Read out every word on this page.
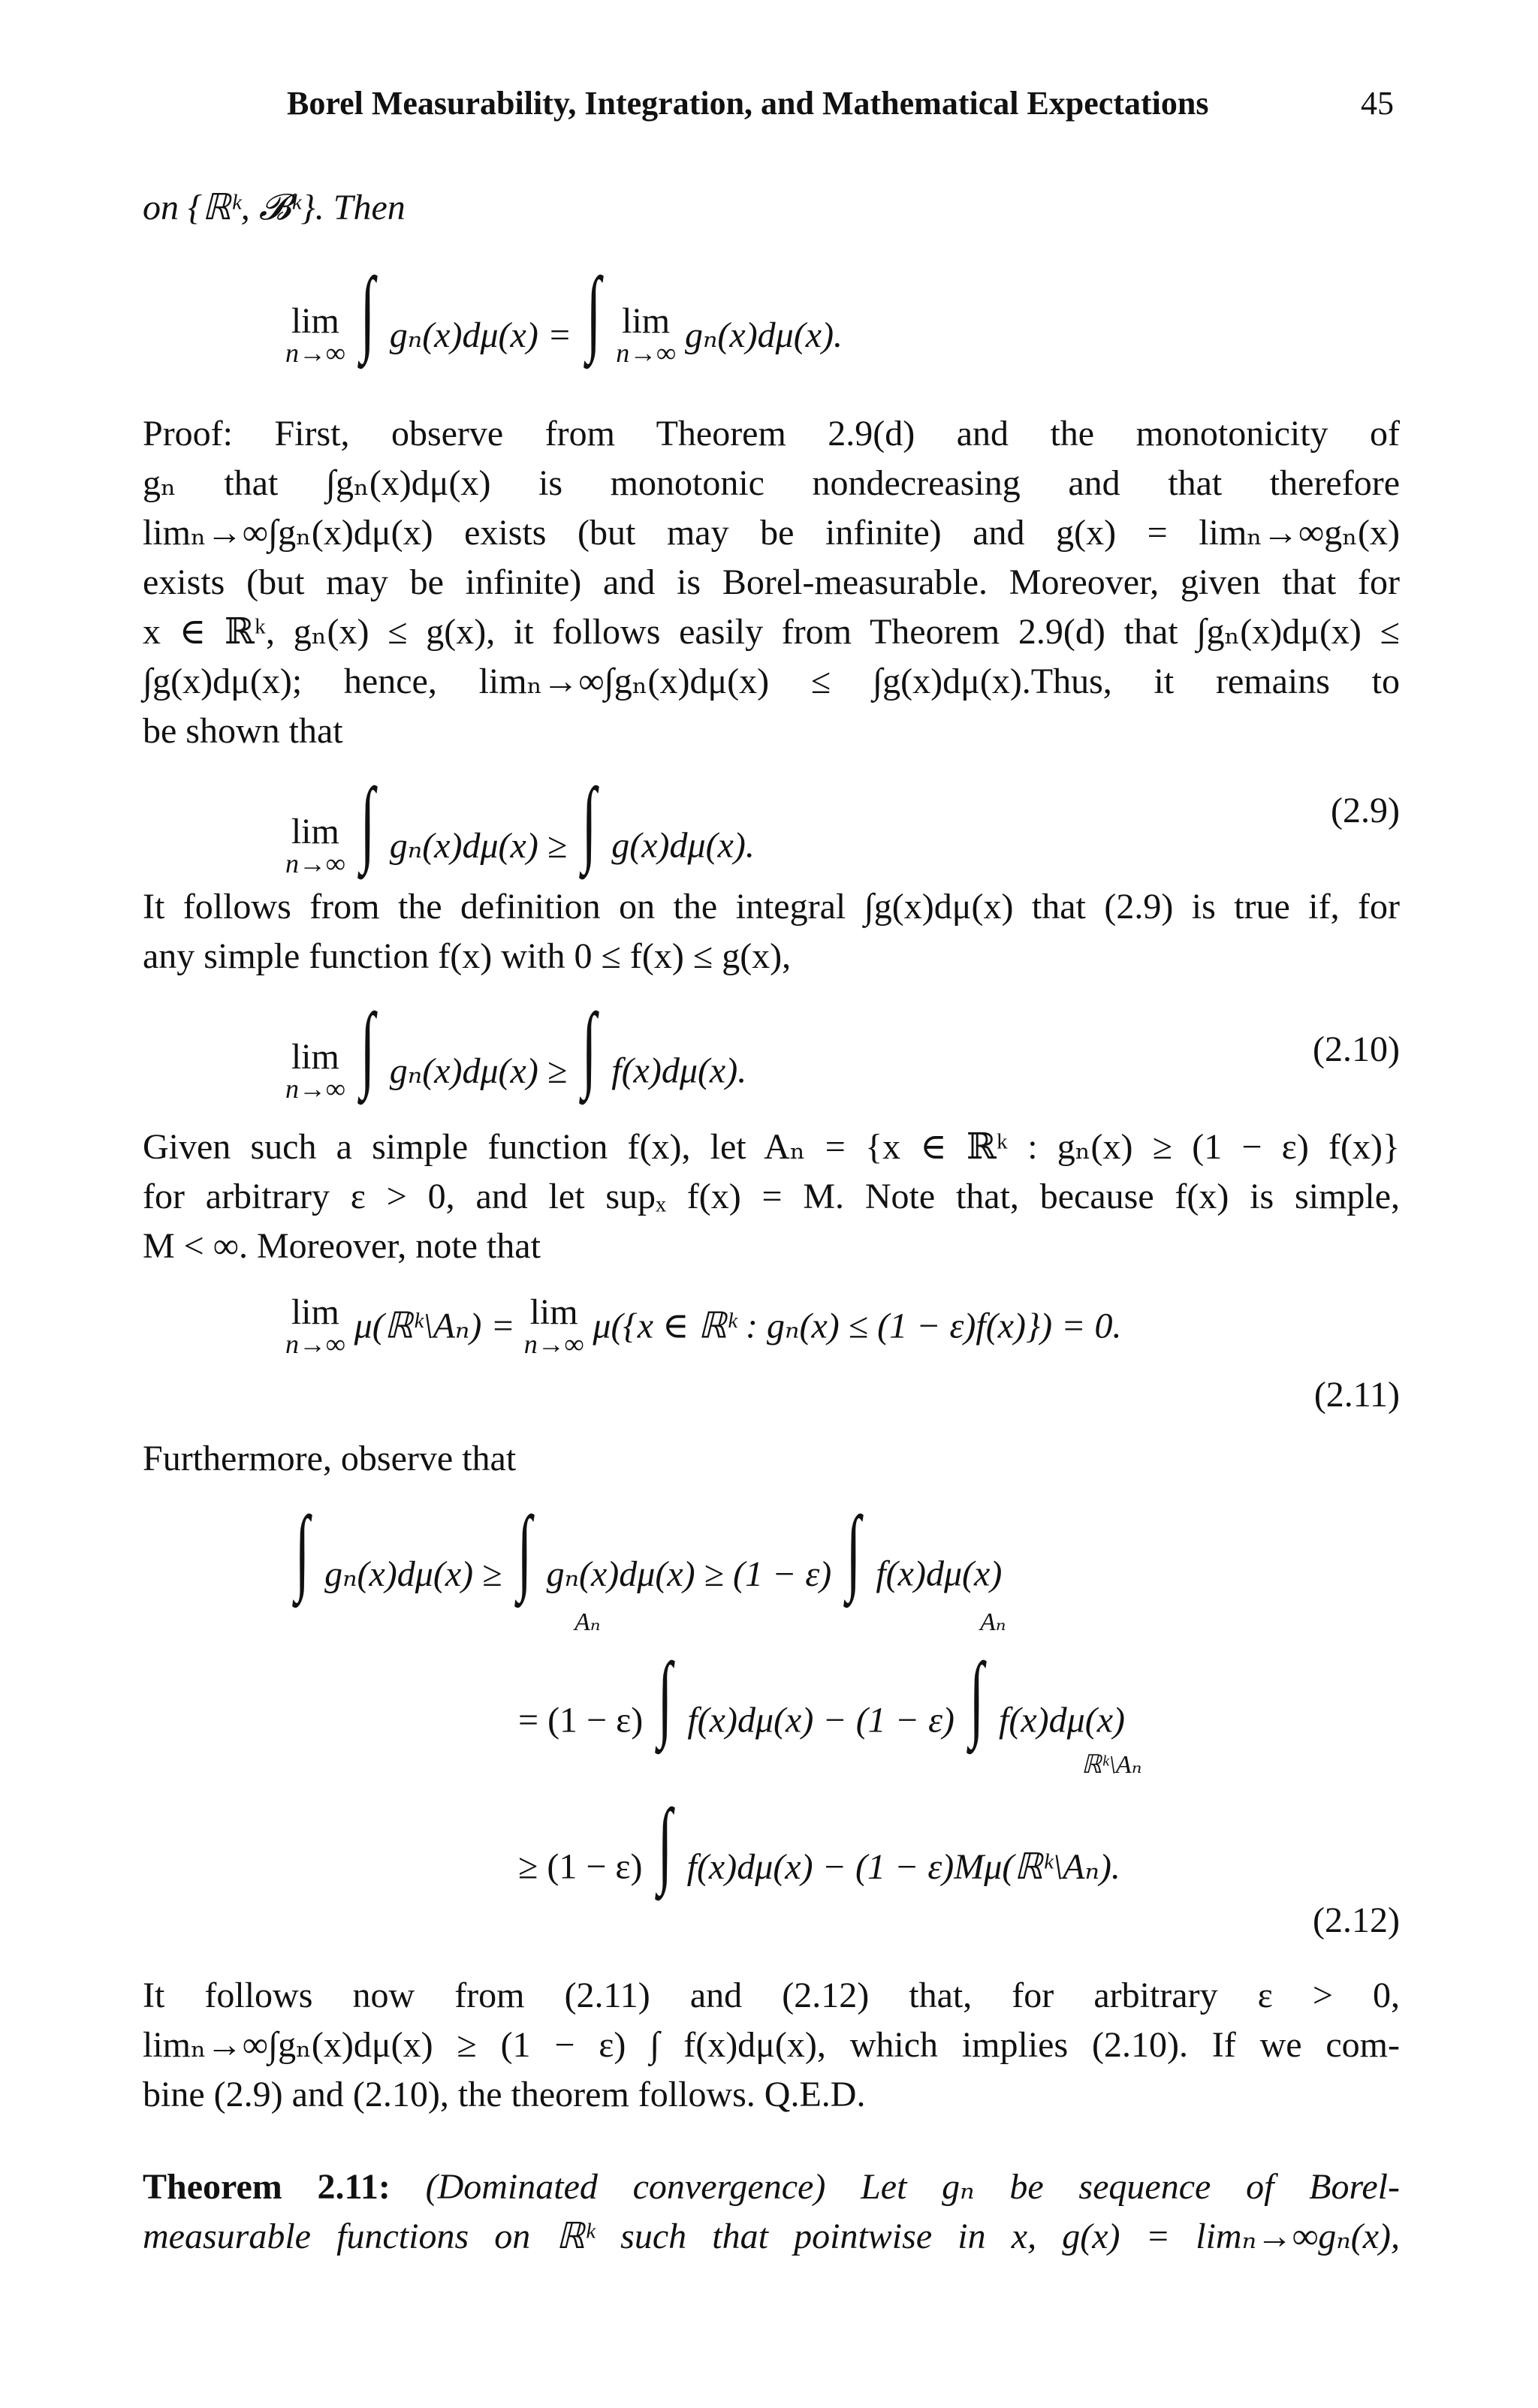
Borel Measurability, Integration, and Mathematical Expectations	45
on {ℝᵏ, 𝓑ᵏ}. Then
lim
n→∞ ∫ gₙ(x)dμ(x) = ∫ lim
n→∞ gₙ(x)dμ(x).
Proof: First, observe from Theorem 2.9(d) and the monotonicity of
gₙ that ∫gₙ(x)dμ(x) is monotonic nondecreasing and that therefore
limₙ→∞∫gₙ(x)dμ(x) exists (but may be infinite) and g(x) = limₙ→∞gₙ(x)
exists (but may be infinite) and is Borel-measurable. Moreover, given that for
x ∈ ℝᵏ, gₙ(x) ≤ g(x), it follows easily from Theorem 2.9(d) that ∫gₙ(x)dμ(x) ≤
∫g(x)dμ(x); hence, limₙ→∞∫gₙ(x)dμ(x) ≤ ∫g(x)dμ(x).Thus, it remains to
be shown that
lim
n→∞ ∫ gₙ(x)dμ(x) ≥ ∫ g(x)dμ(x).
(2.9)
It follows from the definition on the integral ∫g(x)dμ(x) that (2.9) is true if, for
any simple function f(x) with 0 ≤ f(x) ≤ g(x),
lim
n→∞ ∫ gₙ(x)dμ(x) ≥ ∫ f(x)dμ(x).
(2.10)
Given such a simple function f(x), let Aₙ = {x ∈ ℝᵏ : gₙ(x) ≥ (1 − ε) f(x)}
for arbitrary ε > 0, and let supₓ f(x) = M. Note that, because f(x) is simple,
M < ∞. Moreover, note that
lim
n→∞ μ(ℝᵏ\Aₙ) = lim
n→∞ μ({x ∈ ℝᵏ : gₙ(x) ≤ (1 − ε)f(x)}) = 0.
(2.11)
Furthermore, observe that
∫ gₙ(x)dμ(x) ≥ ∫ gₙ(x)dμ(x) ≥ (1 − ε) ∫ f(x)dμ(x)
Aₙ	Aₙ
= (1 − ε) ∫ f(x)dμ(x) − (1 − ε) ∫ f(x)dμ(x)
ℝᵏ\Aₙ
≥ (1 − ε) ∫ f(x)dμ(x) − (1 − ε)Mμ(ℝᵏ\Aₙ).
(2.12)
It follows now from (2.11) and (2.12) that, for arbitrary ε > 0,
limₙ→∞∫gₙ(x)dμ(x) ≥ (1 − ε) ∫ f(x)dμ(x), which implies (2.10). If we com-
bine (2.9) and (2.10), the theorem follows. Q.E.D.
Theorem 2.11: (Dominated convergence) Let gₙ be sequence of Borel-
measurable functions on ℝᵏ such that pointwise in x, g(x) = limₙ→∞gₙ(x),
